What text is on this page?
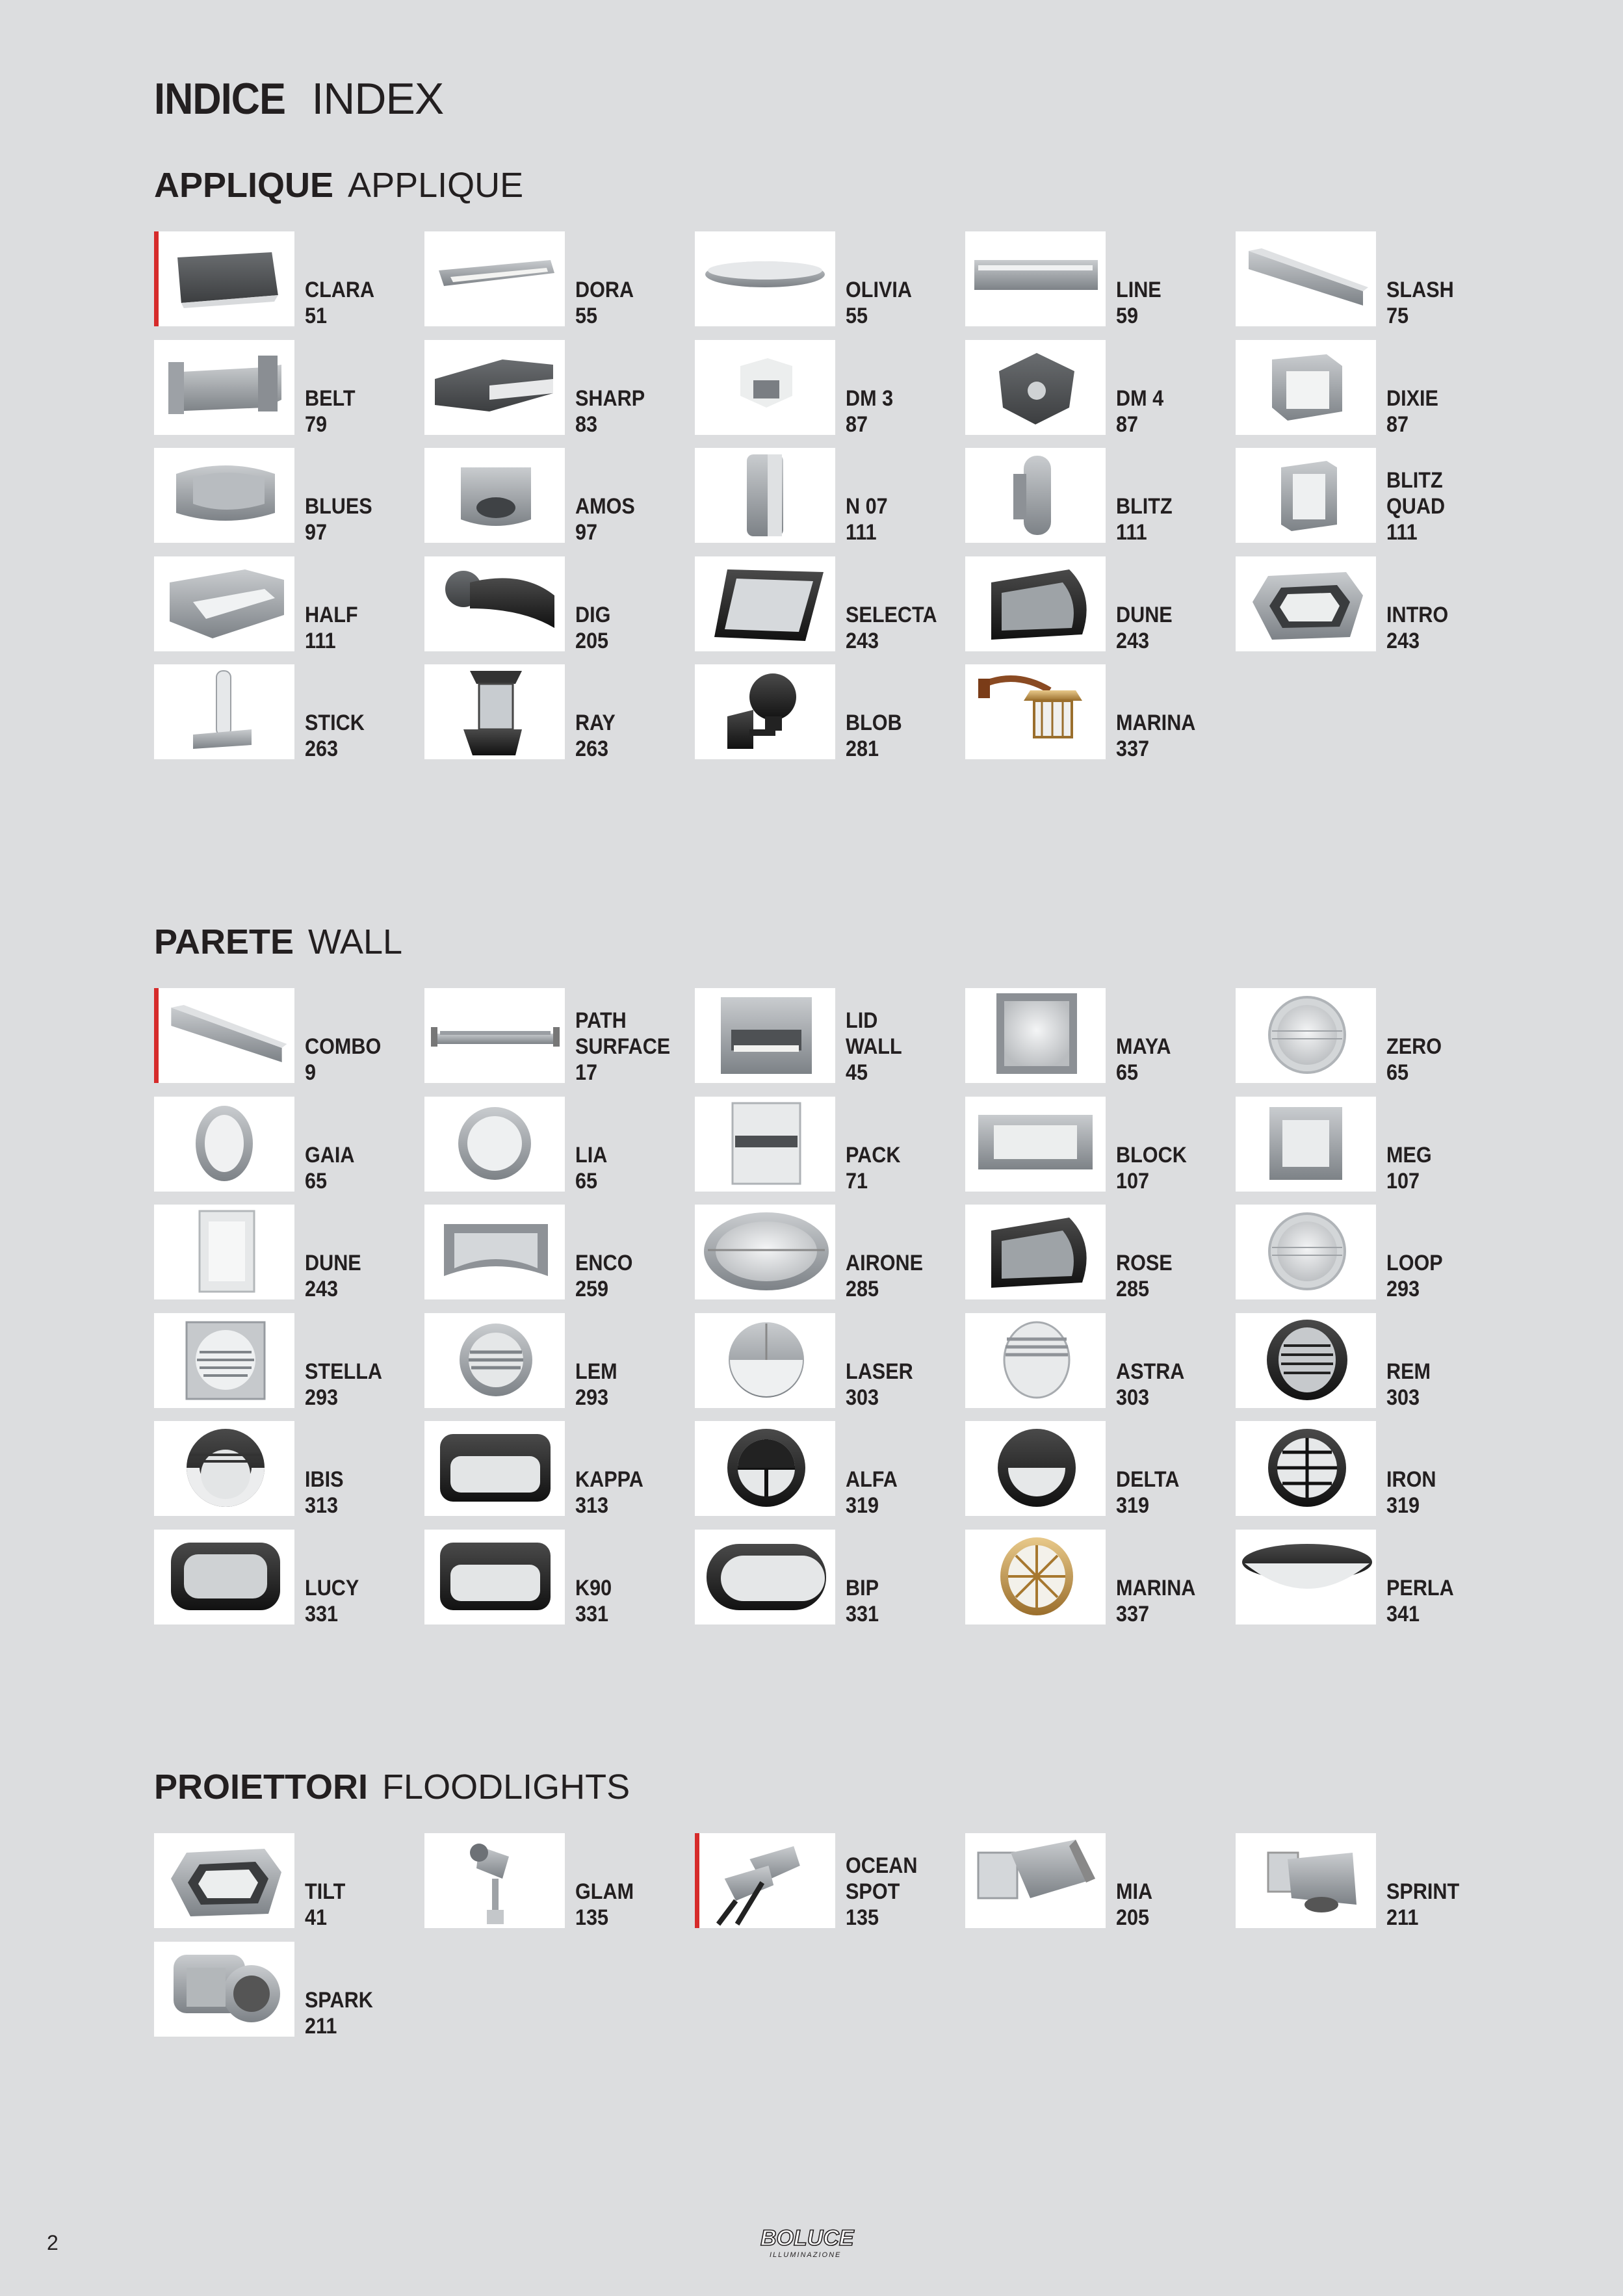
INDICE INDEX
APPLIQUE APPLIQUE
CLARA
51
DORA
55
OLIVIA
55
LINE
59
SLASH
75
BELT
79
SHARP
83
DM 3
87
DM 4
87
DIXIE
87
BLUES
97
AMOS
97
N 07
111
BLITZ
111
BLITZ
QUAD
111
HALF
111
DIG
205
SELECTA
243
DUNE
243
INTRO
243
STICK
263
RAY
263
BLOB
281
MARINA
337
PARETE WALL
COMBO
9
PATH
SURFACE
17
LID
WALL
45
MAYA
65
ZERO
65
GAIA
65
LIA
65
PACK
71
BLOCK
107
MEG
107
DUNE
243
ENCO
259
AIRONE
285
ROSE
285
LOOP
293
STELLA
293
LEM
293
LASER
303
ASTRA
303
REM
303
IBIS
313
KAPPA
313
ALFA
319
DELTA
319
IRON
319
LUCY
331
K90
331
BIP
331
MARINA
337
PERLA
341
PROIETTORI FLOODLIGHTS
TILT
41
GLAM
135
OCEAN
SPOT
135
MIA
205
SPRINT
211
SPARK
211
2	BOLUCE
ILLUMINAZIONE
